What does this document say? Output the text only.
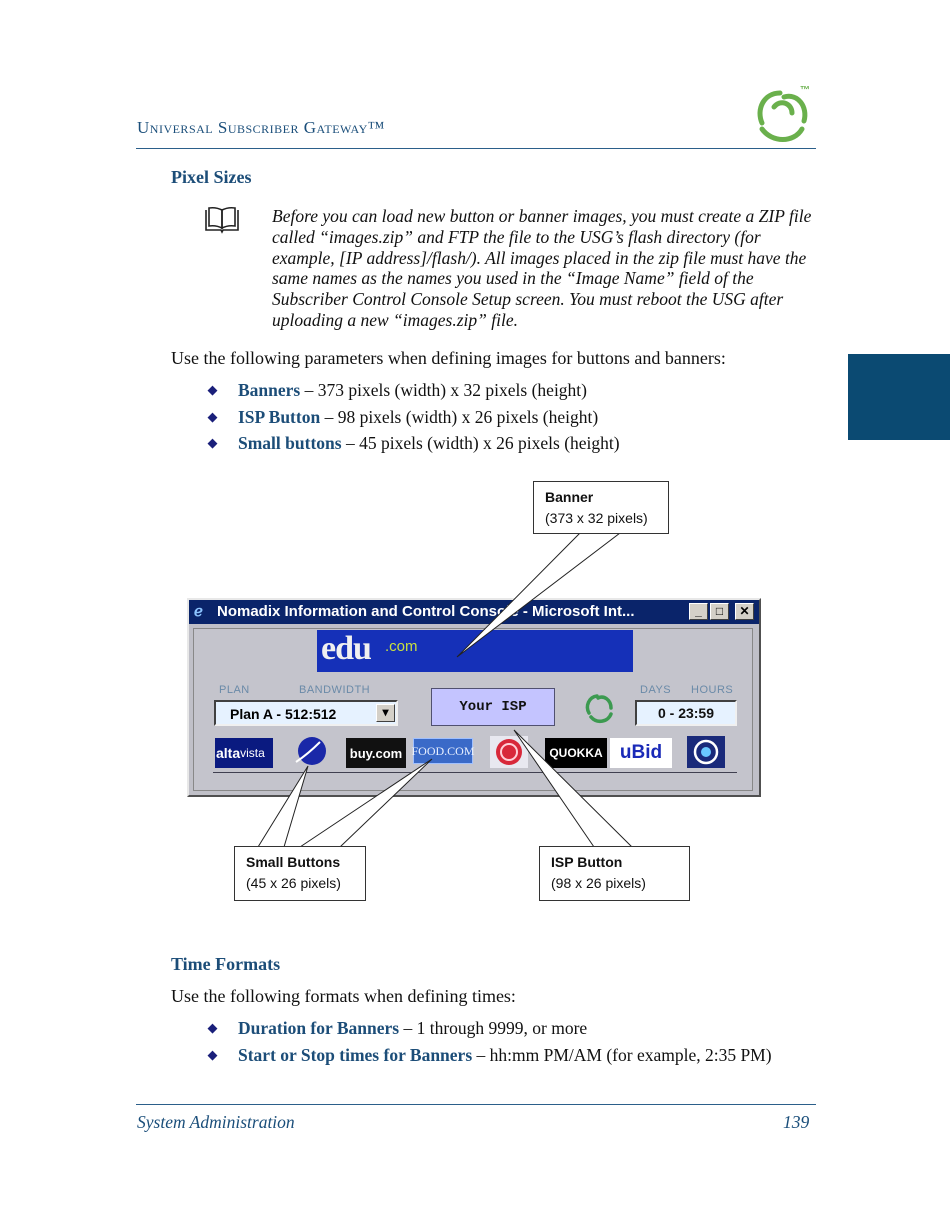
Universal Subscriber Gateway™
™
Pixel Sizes
Before you can load new button or banner images, you must create a ZIP file called “images.zip” and FTP the file to the USG’s flash directory (for example, [IP address]/flash/). All images placed in the zip file must have the same names as the names you used in the “Image Name” field of the Subscriber Control Console Setup screen. You must reboot the USG after uploading a new “images.zip” file.
Use the following parameters when defining images for buttons and banners:
◆ Banners – 373 pixels (width) x 32 pixels (height)
◆ ISP Button – 98 pixels (width) x 26 pixels (height)
◆ Small buttons – 45 pixels (width) x 26 pixels (height)
ℯ Nomadix Information and Control Console - Microsoft Int...	_	□	✕
edu .com
PLAN	BANDWIDTH	DAYS HOURS
Plan A - 512:512	▾	Your ISP	0 - 23:59
alta vista	buy.com FOOD.COM	QUOKKA uBid
Banner
(373 x 32 pixels)
Small Buttons
(45 x 26 pixels)
ISP Button
(98 x 26 pixels)
Time Formats
Use the following formats when defining times:
◆ Duration for Banners – 1 through 9999, or more
◆ Start or Stop times for Banners – hh:mm PM/AM (for example, 2:35 PM)
System Administration	139
